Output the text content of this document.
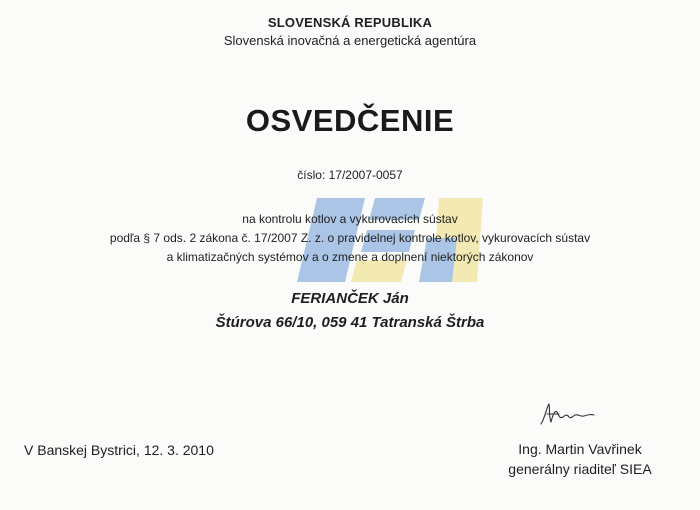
SLOVENSKÁ REPUBLIKA
Slovenská inovačná a energetická agentúra
OSVEDČENIE
číslo: 17/2007-0057
na kontrolu kotlov a vykurovacích sústav
podľa § 7 ods. 2 zákona č. 17/2007 Z. z. o pravidelnej kontrole kotlov, vykurovacích sústav
a klimatizačných systémov a o zmene a doplnení niektorých zákonov
FERIANČEK Ján
Štúrova 66/10, 059 41 Tatranská Štrba
V Banskej Bystrici, 12. 3. 2010	Ing. Martin Vavřinek
generálny riaditeľ SIEA
